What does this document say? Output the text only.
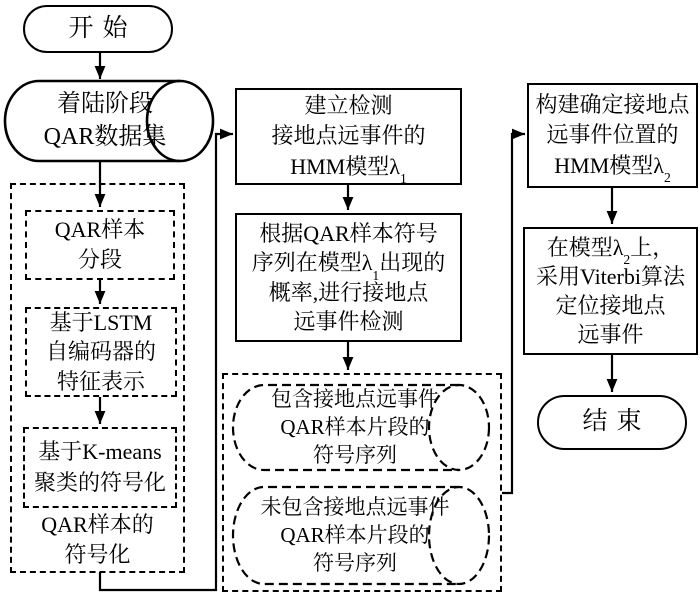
开始
着陆阶段
QAR数据集
QAR样本
分段
基于LSTM
自编码器的
特征表示
基于K-means
聚类的符号化
QAR样本的
符号化
建立检测
接地点远事件的
HMM模型$\lambda_1$
根据QAR样本符号
序列在模型$\lambda_1$出现的
概率,进行接地点
远事件检测
包含接地点远事件
QAR样本片段的
符号序列
未包含接地点远事件
QAR样本片段的
符号序列
构建确定接地点
远事件位置的
HMM模型$\lambda_2$
在模型$\lambda_2$上，
采用Viterbi算法
定位接地点
远事件
结束
